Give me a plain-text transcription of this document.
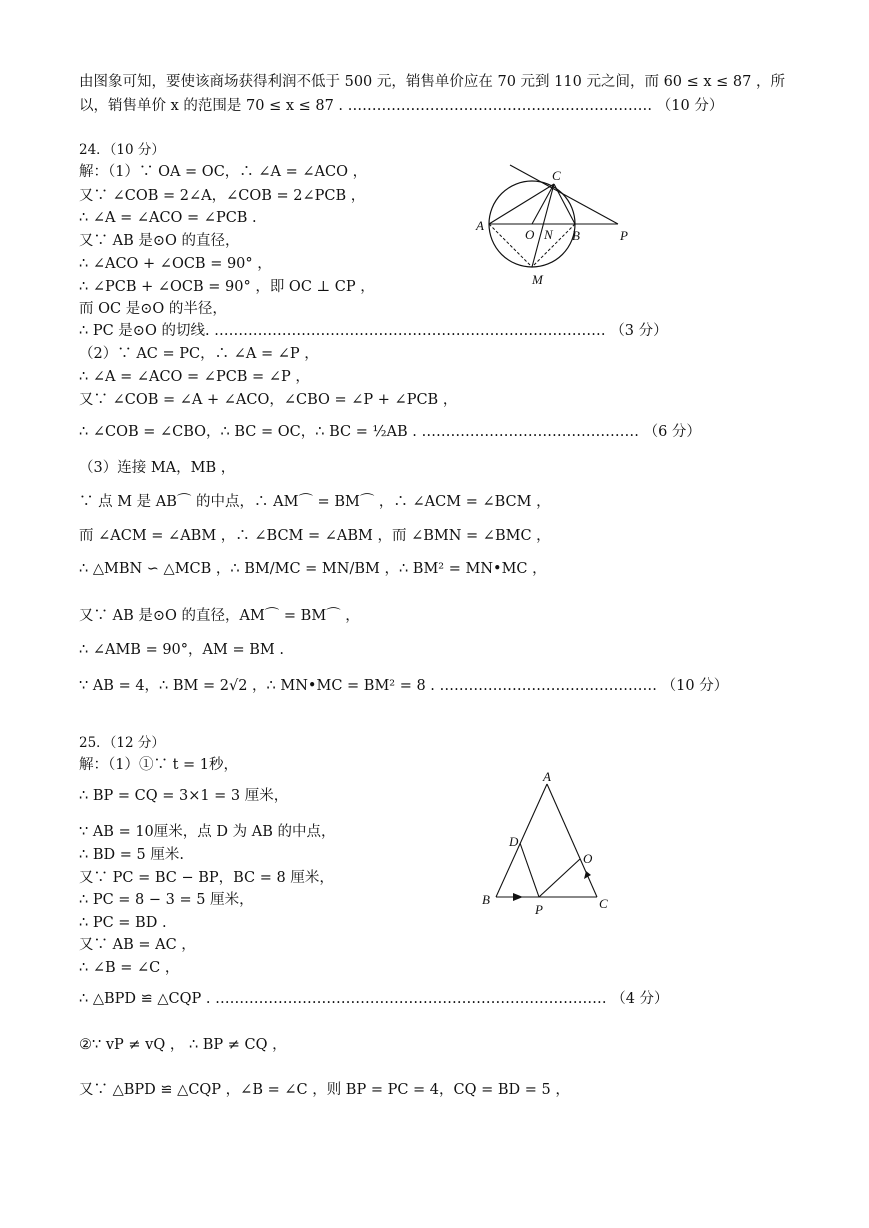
由图象可知，要使该商场获得利润不低于 500 元，销售单价应在 70 元到 110 元之间，而 60 ≤ x ≤ 87 ，所
以，销售单价 x 的范围是 70 ≤ x ≤ 87 . ……………………………………………………… （10 分）
24．（10 分）
解：（1）∵ OA = OC，∴ ∠A = ∠ACO ，
又∵ ∠COB = 2∠A，∠COB = 2∠PCB ，
∴ ∠A = ∠ACO = ∠PCB .
又∵ AB 是⊙O 的直径，
∴ ∠ACO + ∠OCB = 90° ，
∴ ∠PCB + ∠OCB = 90° ，即 OC ⊥ CP ，
而 OC 是⊙O 的半径，
∴ PC 是⊙O 的切线. ……………………………………………………………………… （3 分）
（2）∵ AC = PC，∴ ∠A = ∠P ，
∴ ∠A = ∠ACO = ∠PCB = ∠P ，
又∵ ∠COB = ∠A + ∠ACO，∠CBO = ∠P + ∠PCB ，
∴ ∠COB = ∠CBO，∴ BC = OC，∴ BC = ½AB . ……………………………………… （6 分）
（3）连接 MA，MB ，
∵ 点 M 是 AB⌒ 的中点，∴ AM⌒ = BM⌒ ，∴ ∠ACM = ∠BCM ，
而 ∠ACM = ∠ABM ，∴ ∠BCM = ∠ABM ，而 ∠BMN = ∠BMC ，
∴ △MBN ∽ △MCB ，∴ BM/MC = MN/BM ，∴ BM² = MN•MC ，
又∵ AB 是⊙O 的直径，AM⌒ = BM⌒ ，
∴ ∠AMB = 90°，AM = BM .
∵ AB = 4，∴ BM = 2√2 ，∴ MN•MC = BM² = 8 . ……………………………………… （10 分）
25．（12 分）
解：（1）①∵ t = 1秒，
∴ BP = CQ = 3×1 = 3 厘米，
∵ AB = 10厘米，点 D 为 AB 的中点，
∴ BD = 5 厘米.
又∵ PC = BC − BP，BC = 8 厘米，
∴ PC = 8 − 3 = 5 厘米，
∴ PC = BD .
又∵ AB = AC ，
∴ ∠B = ∠C ，
∴ △BPD ≌ △CQP . ……………………………………………………………………… （4 分）
②∵ vP ≠ vQ ， ∴ BP ≠ CQ ，
又∵ △BPD ≌ △CQP ，∠B = ∠C ，则 BP = PC = 4，CQ = BD = 5 ，
C
A
O N B	P
M
A
D
O
B
P	C
